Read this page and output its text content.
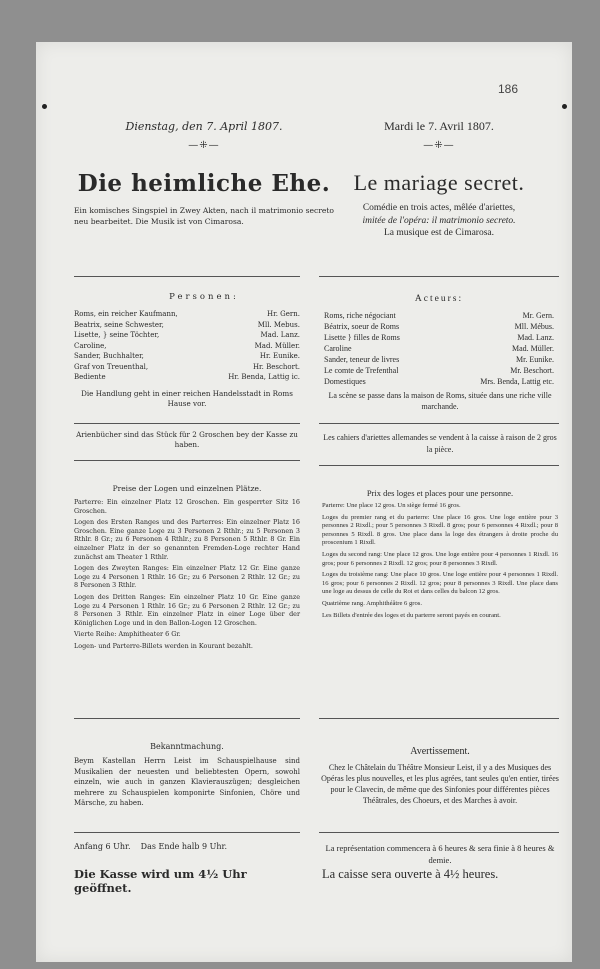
186
Dienstag, den 7. April 1807.	Mardi le 7. Avril 1807.
—⁜—	—⁜—
Die heimliche Ehe.	Le mariage secret.
Ein komisches Singspiel in Zwey Akten, nach il matrimonio secreto neu bearbeitet. Die Musik ist von Cimarosa.
Comédie en trois actes, mêlée d'ariettes,
imitée de l'opéra: il matrimonio secreto.
La musique est de Cimarosa.
Personen:	Acteurs:
Roms, ein reicher Kaufmann,	Hr. Gern.
Beatrix, seine Schwester,	Mll. Mebus.
Lisette, } seine Töchter,	Mad. Lanz.
Caroline,	Mad. Müller.
Sander, Buchhalter,	Hr. Eunike.
Graf von Treuenthal,	Hr. Beschort.
Bediente	Hr. Benda, Lattig ic.
Roms, riche négociant	Mr. Gern.
Béatrix, soeur de Roms	Mll. Mébus.
Lisette } filles de Roms	Mad. Lanz.
Caroline	Mad. Müller.
Sander, teneur de livres	Mr. Eunike.
Le comte de Trefenthal	Mr. Beschort.
Domestiques	Mrs. Benda, Lattig etc.
Die Handlung geht in einer reichen Handelsstadt in Roms Hause vor.
La scène se passe dans la maison de Roms, située dans une riche ville marchande.
Arienbücher sind das Stück für 2 Groschen bey der Kasse zu haben.
Les cahiers d'ariettes allemandes se vendent à la caisse à raison de 2 gros la pièce.
Preise der Logen und einzelnen Plätze.	Prix des loges et places pour une personne.
Parterre: Ein einzelner Platz 12 Groschen. Ein gesperrter Sitz 16 Groschen.
Logen des Ersten Ranges und des Parterres: Ein einzelner Platz 16 Groschen. Eine ganze Loge zu 3 Personen 2 Rthlr.; zu 5 Personen 3 Rthlr. 8 Gr.; zu 6 Personen 4 Rthlr.; zu 8 Personen 5 Rthlr. 8 Gr. Ein einzelner Platz in der so genannten Fremden-Loge rechter Hand zunächst am Theater 1 Rthlr.
Logen des Zweyten Ranges: Ein einzelner Platz 12 Gr. Eine ganze Loge zu 4 Personen 1 Rthlr. 16 Gr.; zu 6 Personen 2 Rthlr. 12 Gr.; zu 8 Personen 3 Rthlr.
Logen des Dritten Ranges: Ein einzelner Platz 10 Gr. Eine ganze Loge zu 4 Personen 1 Rthlr. 16 Gr.; zu 6 Personen 2 Rthlr. 12 Gr.; zu 8 Personen 3 Rthlr. Ein einzelner Platz in einer Loge über der Königlichen Loge und in den Ballon-Logen 12 Groschen.
Vierte Reihe: Amphitheater 6 Gr.
Logen- und Parterre-Billets werden in Kourant bezahlt.
Parterre: Une place 12 gros. Un siège fermé 16 gros.
Loges du premier rang et du parterre: Une place 16 gros. Une loge entière pour 3 personnes 2 Rixdl.; pour 5 personnes 3 Rixdl. 8 gros; pour 6 personnes 4 Rixdl.; pour 8 personnes 5 Rixdl. 8 gros. Une place dans la loge des étrangers à droite proche du proscenium 1 Rixdl.
Loges du second rang: Une place 12 gros. Une loge entière pour 4 personnes 1 Rixdl. 16 gros; pour 6 personnes 2 Rixdl. 12 gros; pour 8 personnes 3 Rixdl.
Loges du troisième rang: Une place 10 gros. Une loge entière pour 4 personnes 1 Rixdl. 16 gros; pour 6 personnes 2 Rixdl. 12 gros; pour 8 personnes 3 Rixdl. Une place dans une loge au dessus de celle du Roi et dans celles du balcon 12 gros.
Quatrième rang. Amphithéâtre 6 gros.
Les Billets d'entrée des loges et du parterre seront payés en courant.
Bekanntmachung.	Avertissement.
Beym Kastellan Herrn Leist im Schauspielhause sind Musikalien der neuesten und beliebtesten Opern, sowohl einzeln, wie auch in ganzen Klavierauszügen; desgleichen mehrere zu Schauspielen komponirte Sinfonien, Chöre und Märsche, zu haben.
Chez le Châtelain du Théâtre Monsieur Leist, il y a des Musiques des Opéras les plus nouvelles, et les plus agrées, tant seules qu'en entier, tirées pour le Clavecin, de même que des Sinfonies pour différentes pièces Théâtrales, des Choeurs, et des Marches à avoir.
Anfang 6 Uhr.    Das Ende halb 9 Uhr.	La représentation commencera à 6 heures & sera finie à 8 heures & demie.
Die Kasse wird um 4½ Uhr geöffnet.
La caisse sera ouverte à 4½ heures.
